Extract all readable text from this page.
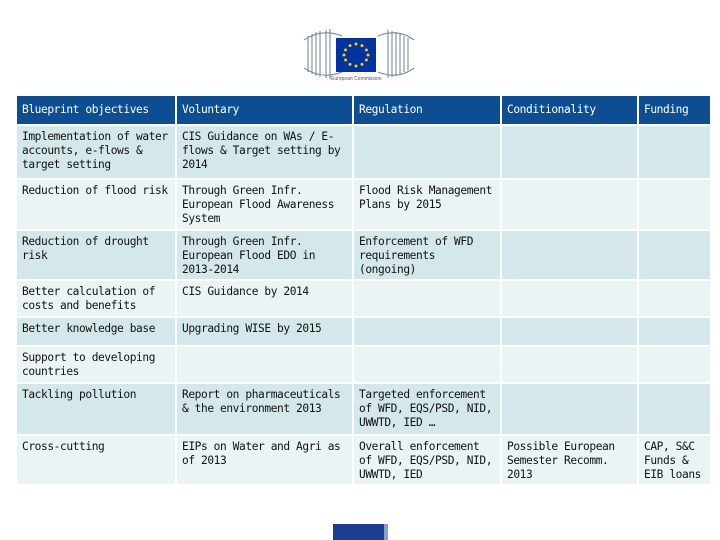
European Commission
Blueprint objectives	Voluntary	Regulation	Conditionality	Funding
Implementation of water accounts, e-flows & target setting	CIS Guidance on WAs / E-flows & Target setting by 2014			
Reduction of flood risk	Through Green Infr. European Flood Awareness System	Flood Risk Management Plans by 2015		
Reduction of drought risk	Through Green Infr. European Flood EDO in 2013-2014	Enforcement of WFD requirements (ongoing)		
Better calculation of costs and benefits	CIS Guidance by 2014			
Better knowledge base	Upgrading WISE by 2015			
Support to developing countries				
Tackling pollution	Report on pharmaceuticals & the environment 2013	Targeted enforcement of WFD, EQS/PSD, NID, UWWTD, IED …		
Cross-cutting	EIPs on Water and Agri as of 2013	Overall enforcement of WFD, EQS/PSD, NID, UWWTD, IED	Possible European Semester Recomm. 2013	CAP, S&C Funds & EIB loans
